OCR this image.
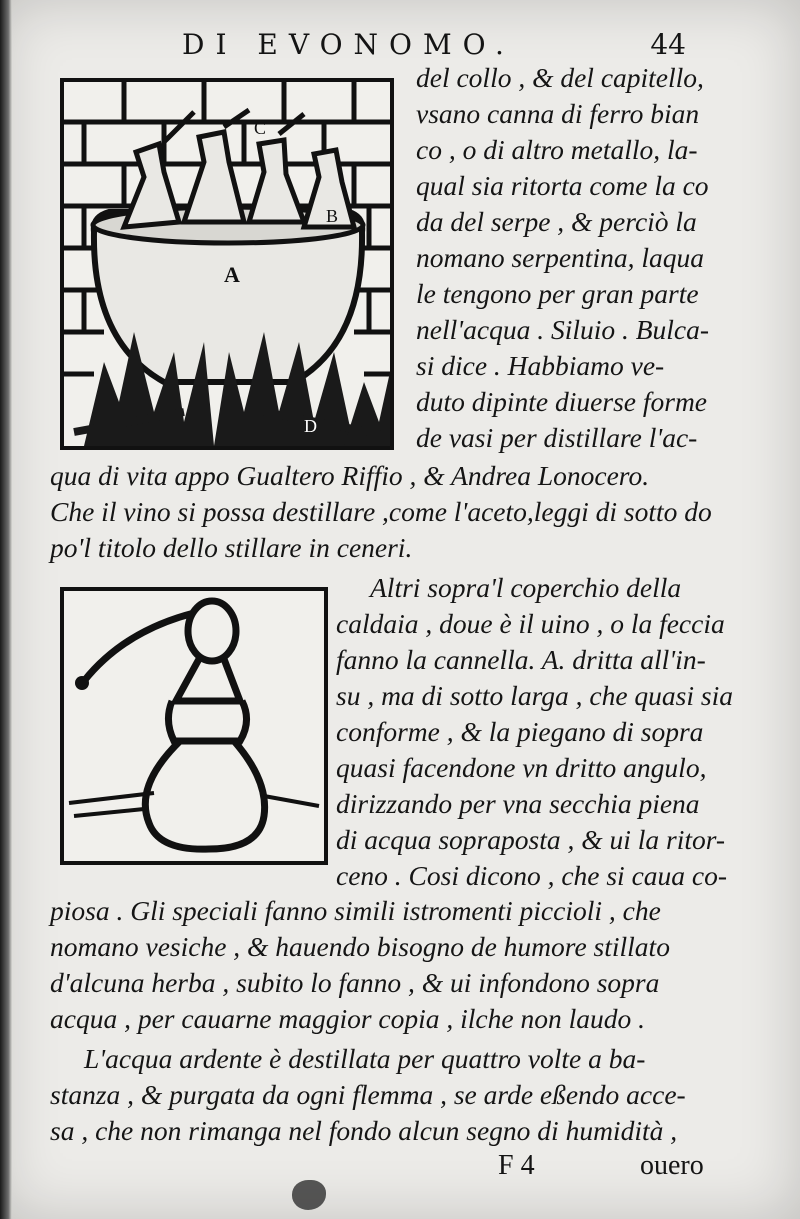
DI EVONOMO.	44
A
B
C
D
del collo , & del capitello,
vsano canna di ferro bian
co , o di altro metallo, la-
qual sia ritorta come la co
da del serpe , & perciò la
nomano serpentina, laqua
le tengono per gran parte
nell'acqua . Siluio . Bulca-
si dice . Habbiamo ve-
duto dipinte diuerse forme
de vasi per distillare l'ac-
qua di vita appo Gualtero Riffio , & Andrea Lonocero.
Che il vino si possa destillare ,come l'aceto,leggi di sotto do
po'l titolo dello stillare in ceneri.
Altri sopra'l coperchio della
caldaia , doue è il uino , o la feccia
fanno la cannella. A. dritta all'in-
su , ma di sotto larga , che quasi sia
conforme , & la piegano di sopra
quasi facendone vn dritto angulo,
dirizzando per vna secchia piena
di acqua soprapostа , & ui la ritor-
ceno . Cosi dicono , che si caua co-
piosa . Gli speciali fanno simili istromenti piccioli , che
nomano vesiche , & hauendo bisogno de humore stillato
d'alcuna herba , subito lo fanno , & ui infondono sopra
acqua , per cauarne maggior copia , ilche non laudo .
L'acqua ardente è destillata per quattro volte a ba-
stanza , & purgata da ogni flemma , se arde eßendo acce-
sa , che non rimanga nel fondo alcun segno di humidità ,
F 4	ouero
